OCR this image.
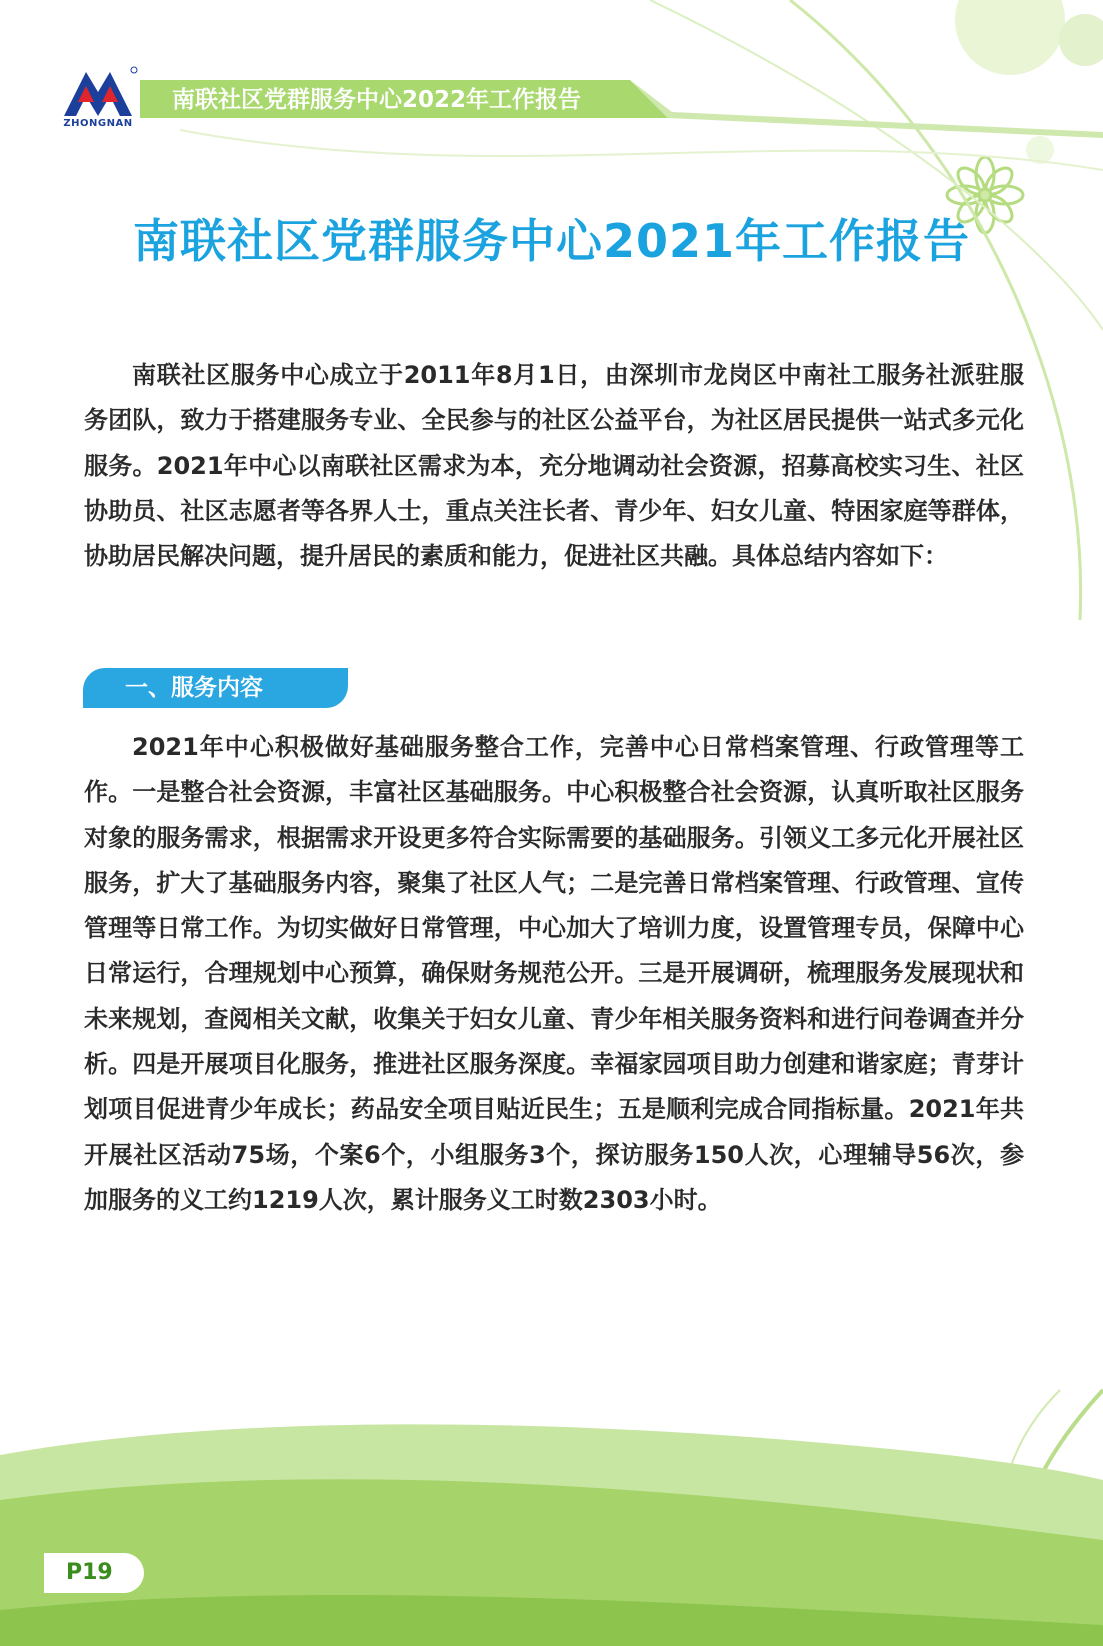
ZHONGNAN
南联社区党群服务中心2022年工作报告
南联社区党群服务中心2021年工作报告

南联社区服务中心成立于2011年8月1日，由深圳市龙岗区中南社工服务社派驻服务团队，致力于搭建服务专业、全民参与的社区公益平台，为社区居民提供一站式多元化服务。2021年中心以南联社区需求为本，充分地调动社会资源，招募高校实习生、社区协助员、社区志愿者等各界人士，重点关注长者、青少年、妇女儿童、特困家庭等群体，协助居民解决问题，提升居民的素质和能力，促进社区共融。具体总结内容如下：

一、服务内容

2021年中心积极做好基础服务整合工作，完善中心日常档案管理、行政管理等工作。一是整合社会资源，丰富社区基础服务。中心积极整合社会资源，认真听取社区服务对象的服务需求，根据需求开设更多符合实际需要的基础服务。引领义工多元化开展社区服务，扩大了基础服务内容，聚集了社区人气；二是完善日常档案管理、行政管理、宣传管理等日常工作。为切实做好日常管理，中心加大了培训力度，设置管理专员，保障中心日常运行，合理规划中心预算，确保财务规范公开。三是开展调研，梳理服务发展现状和未来规划，查阅相关文献，收集关于妇女儿童、青少年相关服务资料和进行问卷调查并分析。四是开展项目化服务，推进社区服务深度。幸福家园项目助力创建和谐家庭；青芽计划项目促进青少年成长；药品安全项目贴近民生；五是顺利完成合同指标量。2021年共开展社区活动75场，个案6个，小组服务3个，探访服务150人次，心理辅导56次，参加服务的义工约1219人次，累计服务义工时数2303小时。

P19
